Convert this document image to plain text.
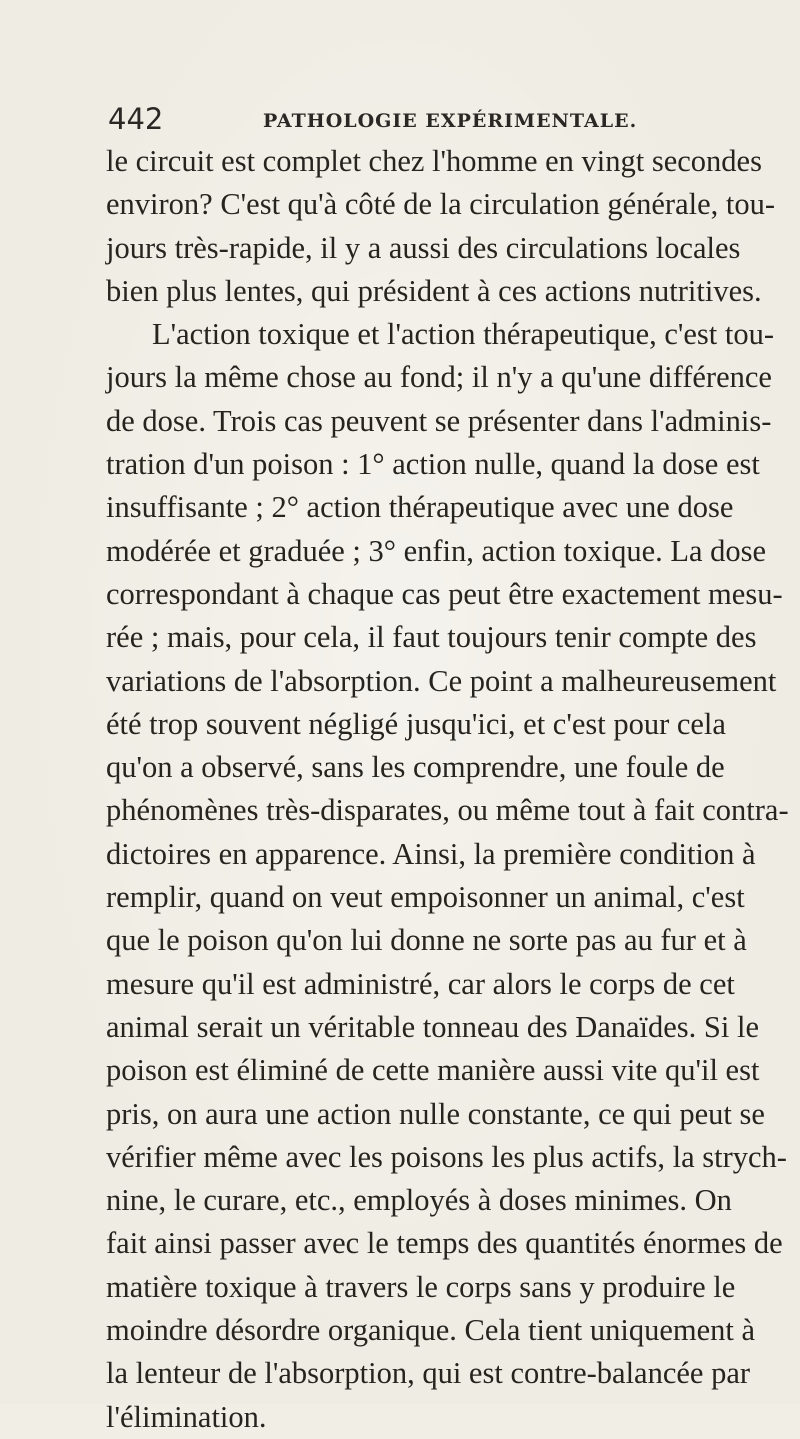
442	PATHOLOGIE EXPÉRIMENTALE.
le circuit est complet chez l'homme en vingt secondes
environ? C'est qu'à côté de la circulation générale, tou-
jours très-rapide, il y a aussi des circulations locales
bien plus lentes, qui président à ces actions nutritives.
L'action toxique et l'action thérapeutique, c'est tou-
jours la même chose au fond; il n'y a qu'une différence
de dose. Trois cas peuvent se présenter dans l'adminis-
tration d'un poison : 1° action nulle, quand la dose est
insuffisante ; 2° action thérapeutique avec une dose
modérée et graduée ; 3° enfin, action toxique. La dose
correspondant à chaque cas peut être exactement mesu-
rée ; mais, pour cela, il faut toujours tenir compte des
variations de l'absorption. Ce point a malheureusement
été trop souvent négligé jusqu'ici, et c'est pour cela
qu'on a observé, sans les comprendre, une foule de
phénomènes très-disparates, ou même tout à fait contra-
dictoires en apparence. Ainsi, la première condition à
remplir, quand on veut empoisonner un animal, c'est
que le poison qu'on lui donne ne sorte pas au fur et à
mesure qu'il est administré, car alors le corps de cet
animal serait un véritable tonneau des Danaïdes. Si le
poison est éliminé de cette manière aussi vite qu'il est
pris, on aura une action nulle constante, ce qui peut se
vérifier même avec les poisons les plus actifs, la strych-
nine, le curare, etc., employés à doses minimes. On
fait ainsi passer avec le temps des quantités énormes de
matière toxique à travers le corps sans y produire le
moindre désordre organique. Cela tient uniquement à
la lenteur de l'absorption, qui est contre-balancée par
l'élimination.
